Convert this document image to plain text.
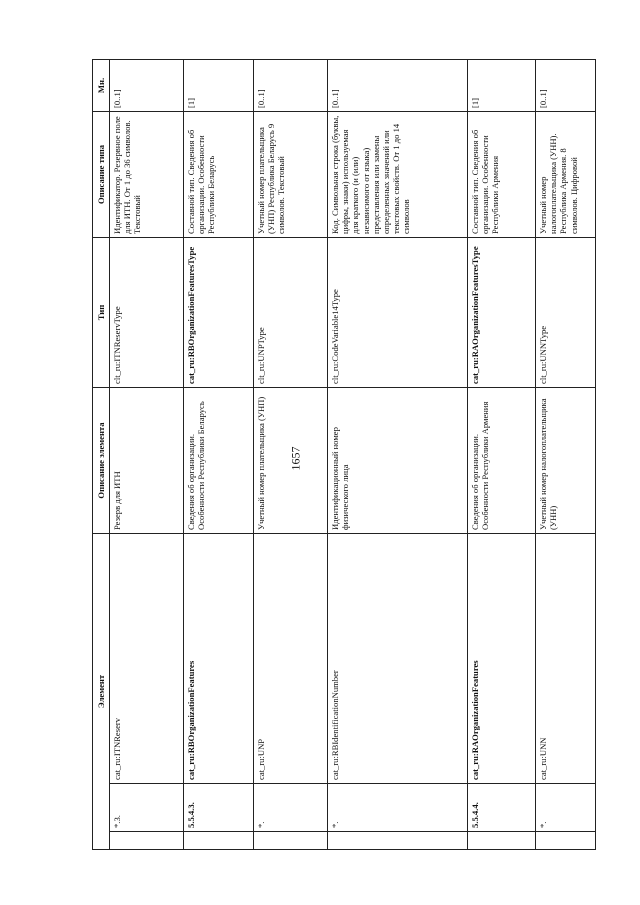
1657
Элемент			Описание элемента	Тип	Описание типа	Мн.
	*.3.	cat_ru:ITNReserv	Резерв для ИТН	clt_ru:ITNReservType	Идентификатор. Резервное поле для ИТН. От 1 до 36 символов. Текстовый	[0..1]
	5.5.4.3.	cat_ru:RBOrganizationFeatures	Сведения об организации. Особенности Республики Беларусь	cat_ru:RBOrganizationFeaturesType	Составной тип. Сведения об организации. Особенности Республики Беларусь	[1]
	*.	cat_ru:UNP	Учетный номер плательщика (УНП)	clt_ru:UNPType	Учетный номер плательщика (УНП) Республика Беларусь 9 символов. Текстовый	[0..1]
	*.	cat_ru:RBIdentificationNumber	Идентификационный номер физического лица	clt_ru:CodeVariable14Type	Код. Символьная строка (буквы, цифры, знаки) используемая для краткого (и (или) независимого от языка) представления или замены определенных значений или текстовых свойств. От 1 до 14 символов	[0..1]
	5.5.4.4.	cat_ru:RAOrganizationFeatures	Сведения об организации. Особенности Республики Армения	cat_ru:RAOrganizationFeaturesType	Составной тип. Сведения об организации. Особенности Республики Армения	[1]
	*.	cat_ru:UNN	Учетный номер налогоплательщика (УНН)	clt_ru:UNNType	Учетный номер налогоплательщика (УНН). Республика Армения. 8 символов. Цифровой	[0..1]
